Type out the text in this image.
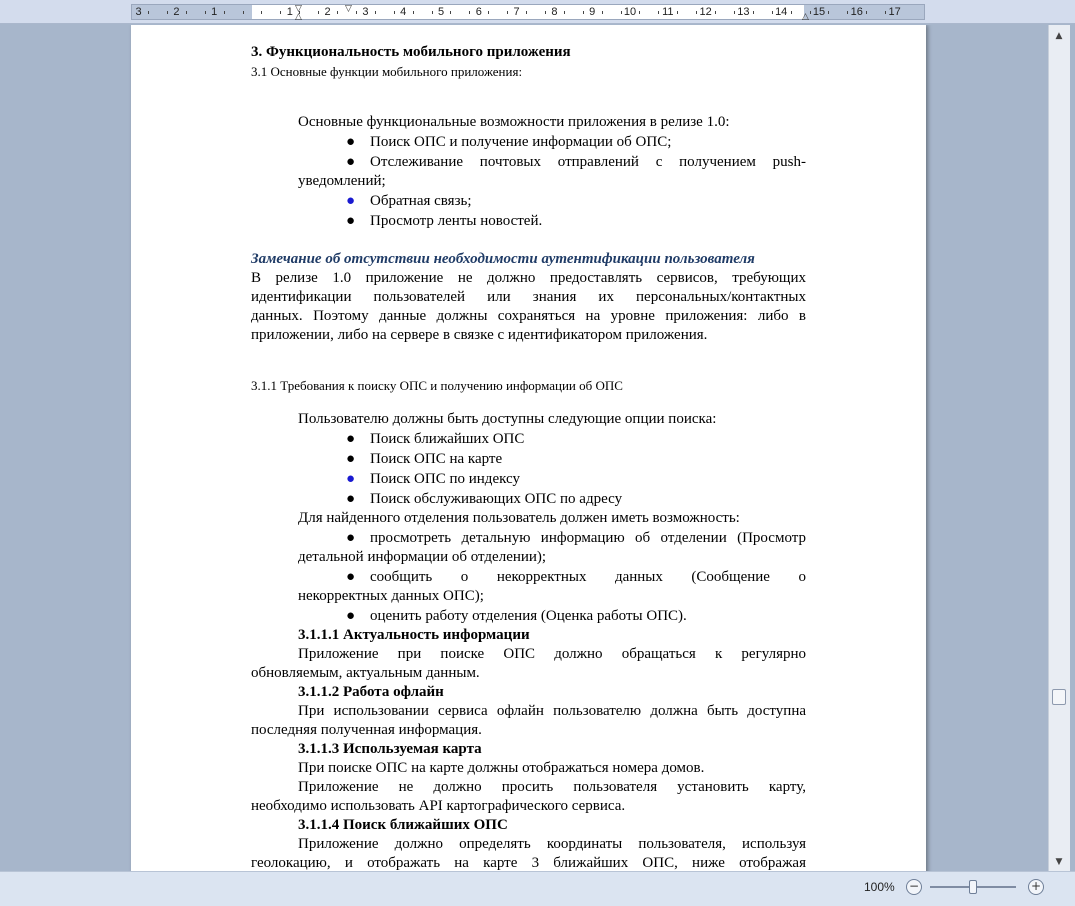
3	2	1	1	2	3	4	5	6	7	8	9	10 11 12 13 14 15 16 17
▽
△
▽
△
3. Функциональность мобильного приложения
3.1 Основные функции мобильного приложения:
Основные функциональные возможности приложения в релизе 1.0:
● Поиск ОПС и получение информации об ОПС;
● Отслеживание почтовых отправлений с получением push-
уведомлений;
● Обратная связь;
● Просмотр ленты новостей.
Замечание об отсутствии необходимости аутентификации пользователя
В релизе 1.0 приложение не должно предоставлять сервисов, требующих
идентификации пользователей или знания их персональных/контактных
данных. Поэтому данные должны сохраняться на уровне приложения: либо в
приложении, либо на сервере в связке с идентификатором приложения.
3.1.1 Требования к поиску ОПС и получению информации об ОПС
Пользователю должны быть доступны следующие опции поиска:
● Поиск ближайших ОПС
● Поиск ОПС на карте
● Поиск ОПС по индексу
● Поиск обслуживающих ОПС по адресу
Для найденного отделения пользователь должен иметь возможность:
● просмотреть детальную информацию об отделении (Просмотр
детальной информации об отделении);
● сообщить о некорректных данных (Сообщение о
некорректных данных ОПС);
● оценить работу отделения (Оценка работы ОПС).
3.1.1.1 Актуальность информации
Приложение при поиске ОПС должно обращаться к регулярно
обновляемым, актуальным данным.
3.1.1.2 Работа офлайн
При использовании сервиса офлайн пользователю должна быть доступна
последняя полученная информация.
3.1.1.3 Используемая карта
При поиске ОПС на карте должны отображаться номера домов.
Приложение не должно просить пользователя установить карту,
необходимо использовать API картографического сервиса.
3.1.1.4 Поиск ближайших ОПС
Приложение должно определять координаты пользователя, используя
геолокацию, и отображать на карте 3 ближайших ОПС, ниже отображая
▲
▼
100% −	+
